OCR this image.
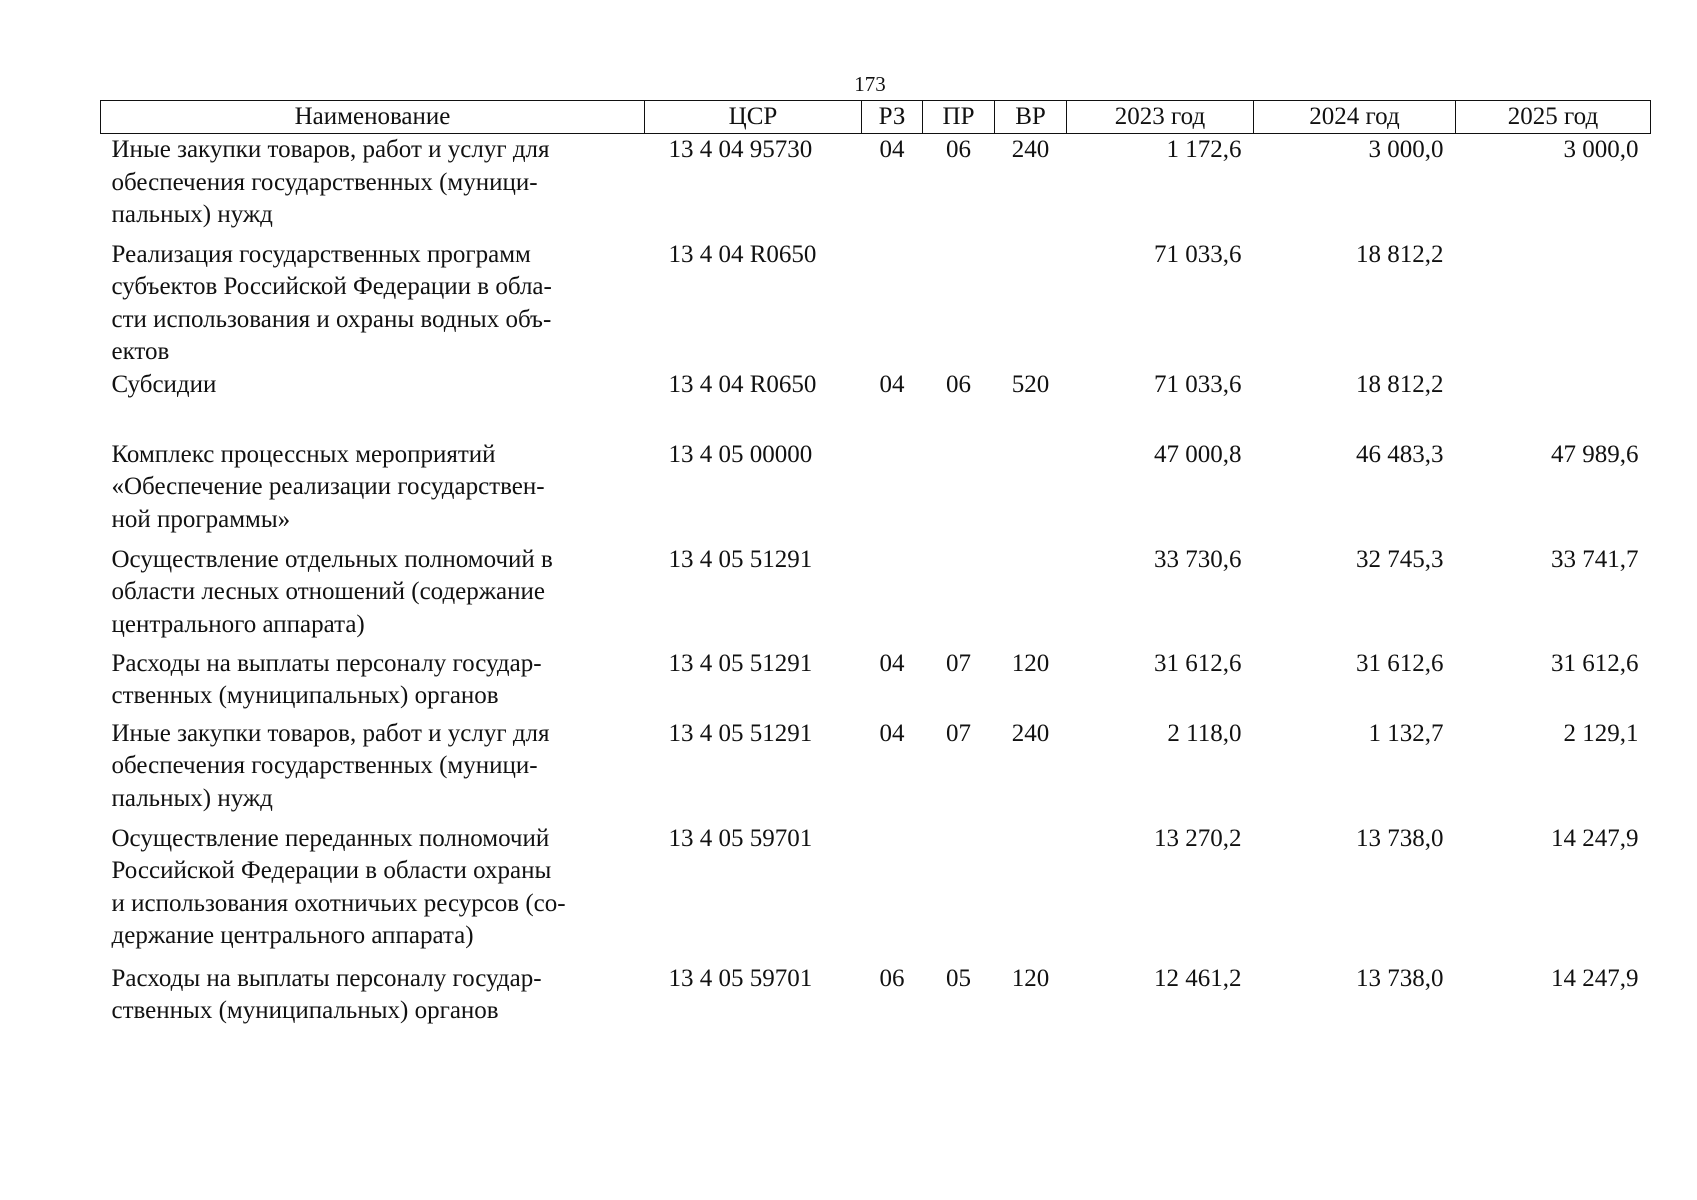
173
Наименование	ЦСР	РЗ	ПР	ВР	2023 год	2024 год	2025 год

Иные закупки товаров, работ и услуг для
обеспечения государственных (муници-
пальных) нужд	13 4 04 95730	04	06	240	1 172,6	3 000,0	3 000,0

Реализация государственных программ
субъектов Российской Федерации в обла-
сти использования и охраны водных объ-
ектов	13 4 04 R0650				71 033,6	18 812,2	

Субсидии	13 4 04 R0650	04	06	520	71 033,6	18 812,2	

Комплекс процессных мероприятий
«Обеспечение реализации государствен-
ной программы»	13 4 05 00000				47 000,8	46 483,3	47 989,6

Осуществление отдельных полномочий в
области лесных отношений (содержание
центрального аппарата)	13 4 05 51291				33 730,6	32 745,3	33 741,7

Расходы на выплаты персоналу государ-
ственных (муниципальных) органов	13 4 05 51291	04	07	120	31 612,6	31 612,6	31 612,6

Иные закупки товаров, работ и услуг для
обеспечения государственных (муници-
пальных) нужд	13 4 05 51291	04	07	240	2 118,0	1 132,7	2 129,1

Осуществление переданных полномочий
Российской Федерации в области охраны
и использования охотничьих ресурсов (со-
держание центрального аппарата)	13 4 05 59701				13 270,2	13 738,0	14 247,9

Расходы на выплаты персоналу государ-
ственных (муниципальных) органов	13 4 05 59701	06	05	120	12 461,2	13 738,0	14 247,9
